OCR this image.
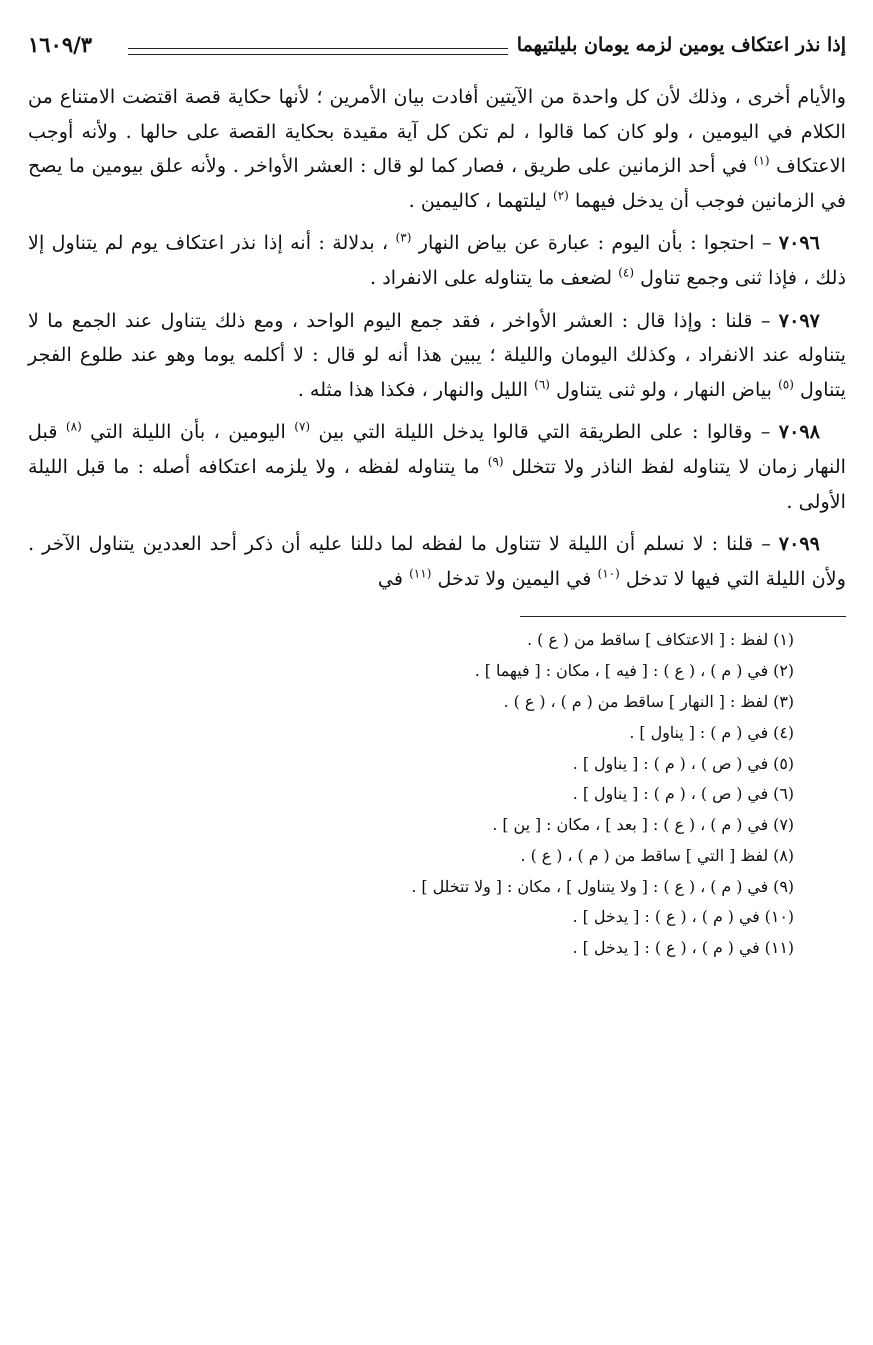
إذا نذر اعتكاف يومين لزمه يومان بليلتيهما
١٦٠٩/٣

والأيام أخرى ، وذلك لأن كل واحدة من الآيتين أفادت بيان الأمرين ؛ لأنها حكاية قصة اقتضت الامتناع من الكلام في اليومين ، ولو كان كما قالوا ، لم تكن كل آية مقيدة بحكاية القصة على حالها . ولأنه أوجب الاعتكاف $^{(١)}$ في أحد الزمانين على طريق ، فصار كما لو قال : العشر الأواخر . ولأنه علق بيومين ما يصح في الزمانين فوجب أن يدخل فيهما $^{(٢)}$ ليلتهما ، كاليمين .

٧٠٩٦ – احتجوا : بأن اليوم : عبارة عن بياض النهار $^{(٣)}$ ، بدلالة : أنه إذا نذر اعتكاف يوم لم يتناول إلا ذلك ، فإذا ثنى وجمع تناول $^{(٤)}$ لضعف ما يتناوله على الانفراد .

٧٠٩٧ – قلنا : وإذا قال : العشر الأواخر ، فقد جمع اليوم الواحد ، ومع ذلك يتناول عند الجمع ما لا يتناوله عند الانفراد ، وكذلك اليومان والليلة ؛ يبين هذا أنه لو قال : لا أكلمه يوما وهو عند طلوع الفجر يتناول $^{(٥)}$ بياض النهار ، ولو ثنى يتناول $^{(٦)}$ الليل والنهار ، فكذا هذا مثله .

٧٠٩٨ – وقالوا : على الطريقة التي قالوا يدخل الليلة التي بين $^{(٧)}$ اليومين ، بأن الليلة التي $^{(٨)}$ قبل النهار زمان لا يتناوله لفظ الناذر ولا تتخلل $^{(٩)}$ ما يتناوله لفظه ، ولا يلزمه اعتكافه أصله : ما قبل الليلة الأولى .

٧٠٩٩ – قلنا : لا نسلم أن الليلة لا تتناول ما لفظه لما دللنا عليه أن ذكر أحد العددين يتناول الآخر . ولأن الليلة التي فيها لا تدخل $^{(١٠)}$ في اليمين ولا تدخل $^{(١١)}$ في

(١) لفظ : [ الاعتكاف ] ساقط من ( ع ) .
(٢) في ( م ) ، ( ع ) : [ فيه ] ، مكان : [ فيهما ] .
(٣) لفظ : [ النهار ] ساقط من ( م ) ، ( ع ) .
(٤) في ( م ) : [ يناول ] .
(٥) في ( ص ) ، ( م ) : [ يناول ] .
(٦) في ( ص ) ، ( م ) : [ يناول ] .
(٧) في ( م ) ، ( ع ) : [ بعد ] ، مكان : [ ين ] .
(٨) لفظ [ التي ] ساقط من ( م ) ، ( ع ) .
(٩) في ( م ) ، ( ع ) : [ ولا يتناول ] ، مكان : [ ولا تتخلل ] .
(١٠) في ( م ) ، ( ع ) : [ يدخل ] .
(١١) في ( م ) ، ( ع ) : [ يدخل ] .
